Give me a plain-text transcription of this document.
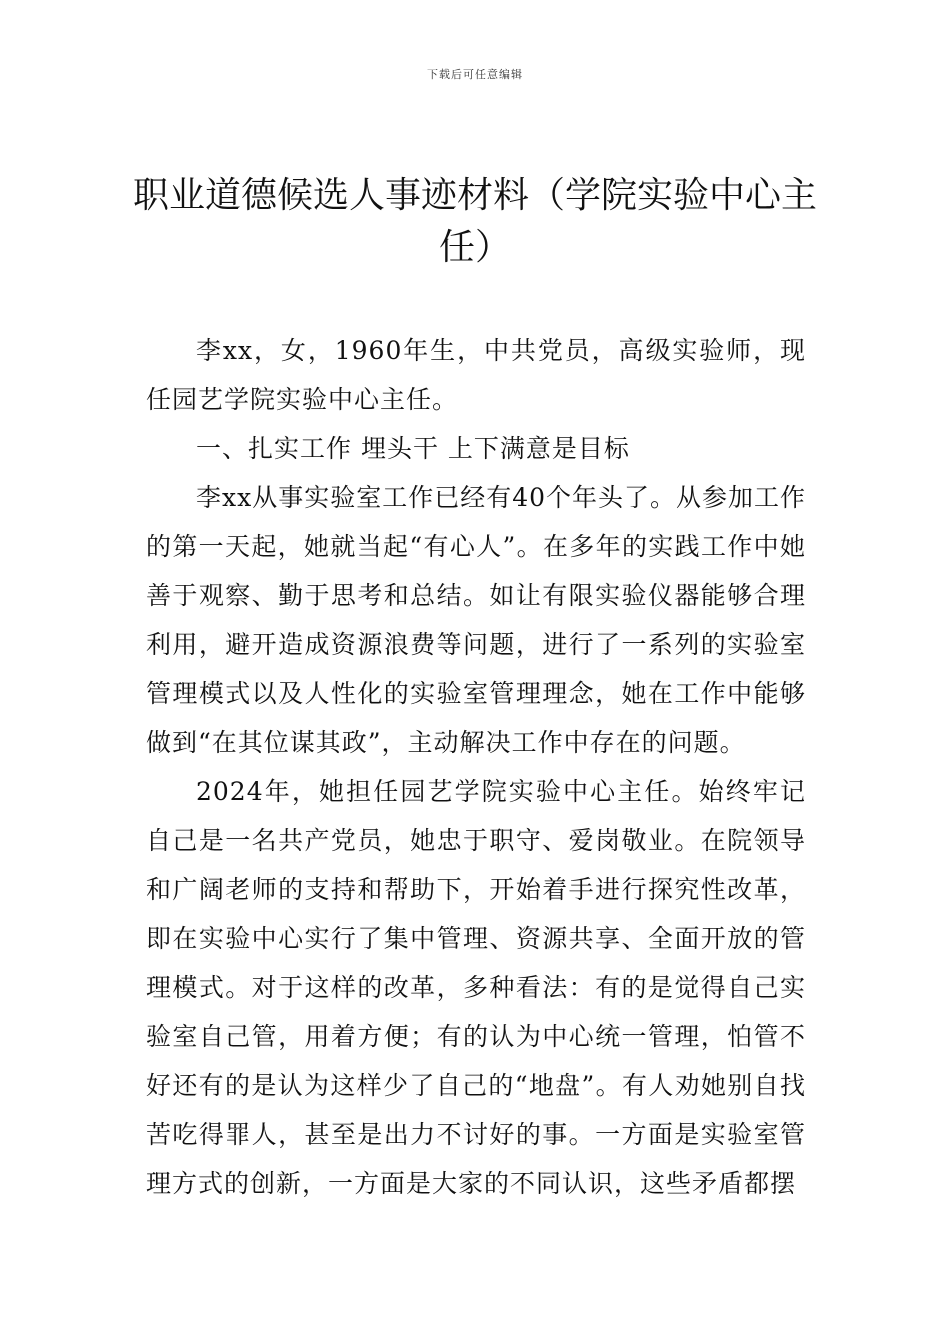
下载后可任意编辑
职业道德候选人事迹材料（学院实验中心主任）

李xx，女，1960年生，中共党员，高级实验师，现任园艺学院实验中心主任。

一、扎实工作 埋头干 上下满意是目标

李xx从事实验室工作已经有40个年头了。从参加工作的第一天起，她就当起“有心人”。在多年的实践工作中她善于观察、勤于思考和总结。如让有限实验仪器能够合理利用，避开造成资源浪费等问题，进行了一系列的实验室管理模式以及人性化的实验室管理理念，她在工作中能够做到“在其位谋其政”，主动解决工作中存在的问题。

2024年，她担任园艺学院实验中心主任。始终牢记自己是一名共产党员，她忠于职守、爱岗敬业。在院领导和广阔老师的支持和帮助下，开始着手进行探究性改革，即在实验中心实行了集中管理、资源共享、全面开放的管理模式。对于这样的改革，多种看法：有的是觉得自己实验室自己管，用着方便；有的认为中心统一管理，怕管不好还有的是认为这样少了自己的“地盘”。有人劝她别自找苦吃得罪人，甚至是出力不讨好的事。一方面是实验室管理方式的创新，一方面是大家的不同认识，这些矛盾都摆
